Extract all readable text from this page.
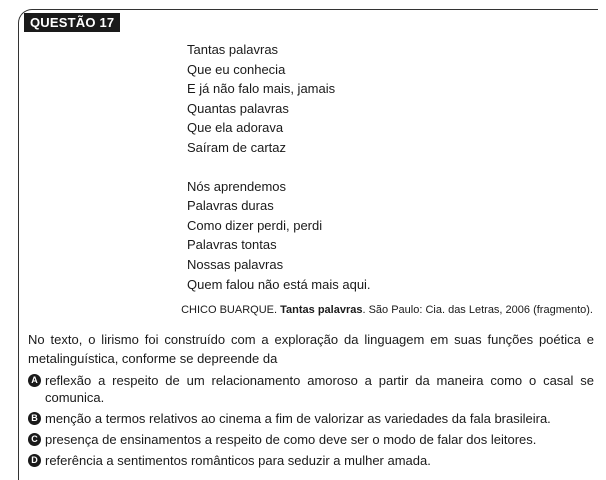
QUESTÃO 17
Tantas palavras
Que eu conhecia
E já não falo mais, jamais
Quantas palavras
Que ela adorava
Saíram de cartaz
Nós aprendemos
Palavras duras
Como dizer perdi, perdi
Palavras tontas
Nossas palavras
Quem falou não está mais aqui.
CHICO BUARQUE. Tantas palavras. São Paulo: Cia. das Letras, 2006 (fragmento).
No texto, o lirismo foi construído com a exploração da linguagem em suas funções poética e metalinguística, conforme se depreende da
A reflexão a respeito de um relacionamento amoroso a partir da maneira como o casal se comunica.
B menção a termos relativos ao cinema a fim de valorizar as variedades da fala brasileira.
C presença de ensinamentos a respeito de como deve ser o modo de falar dos leitores.
D referência a sentimentos românticos para seduzir a mulher amada.
